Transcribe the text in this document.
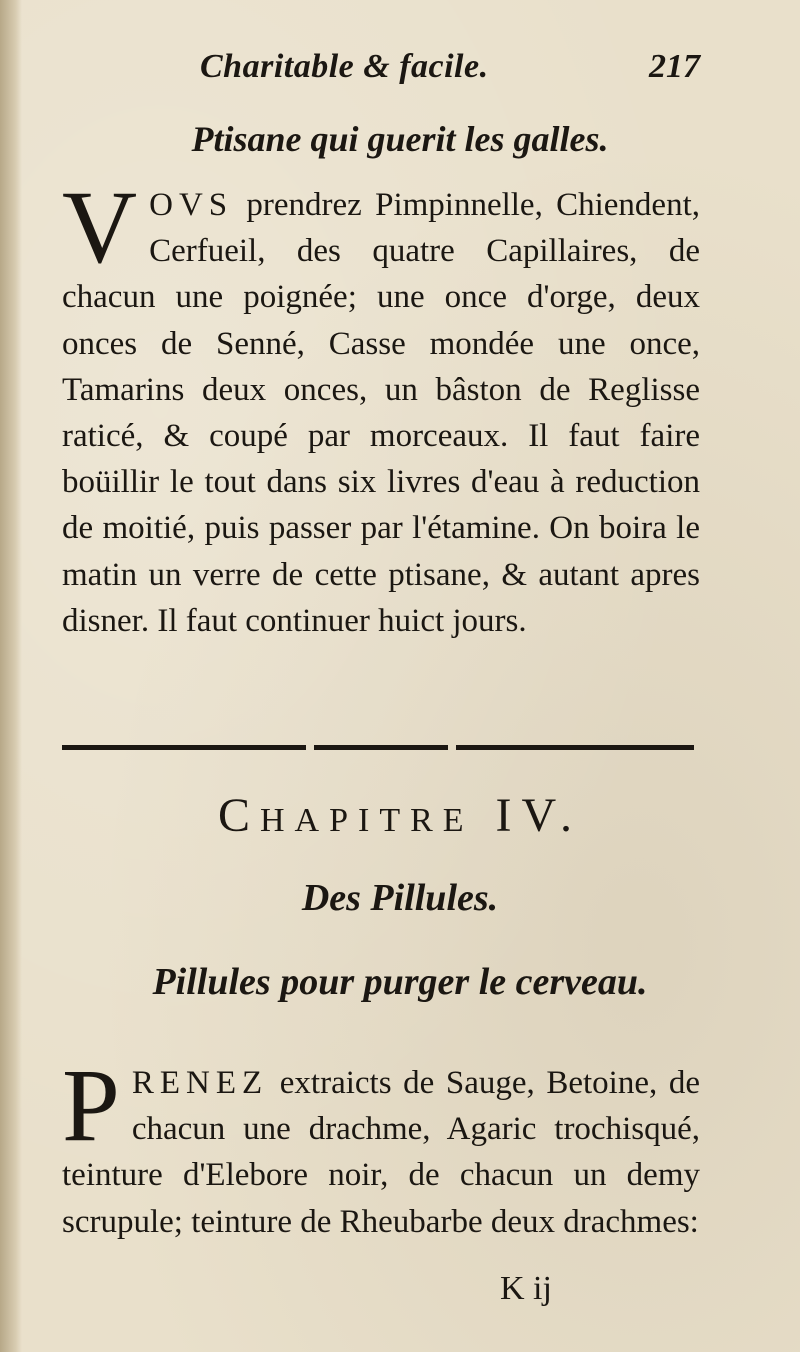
Charitable & facile.	217
Ptisane qui guerit les galles.
VOVS prendrez Pimpinnelle, Chiendent, Cerfueil, des quatre Capillaires, de chacun une poignée; une once d'orge, deux onces de Senné, Casse mondée une once, Tamarins deux onces, un bâston de Reglisse raticé, & coupé par morceaux. Il faut faire boüillir le tout dans six livres d'eau à reduction de moitié, puis passer par l'étamine. On boira le matin un verre de cette ptisane, & autant apres disner. Il faut continuer huict jours.
Chapitre IV.
Des Pillules.
Pillules pour purger le cerveau.
PRENEZ extraicts de Sauge, Betoine, de chacun une drachme, Agaric trochisqué, teinture d'Elebore noir, de chacun un demy scrupule; teinture de Rheubarbe deux drachmes:
K ij
